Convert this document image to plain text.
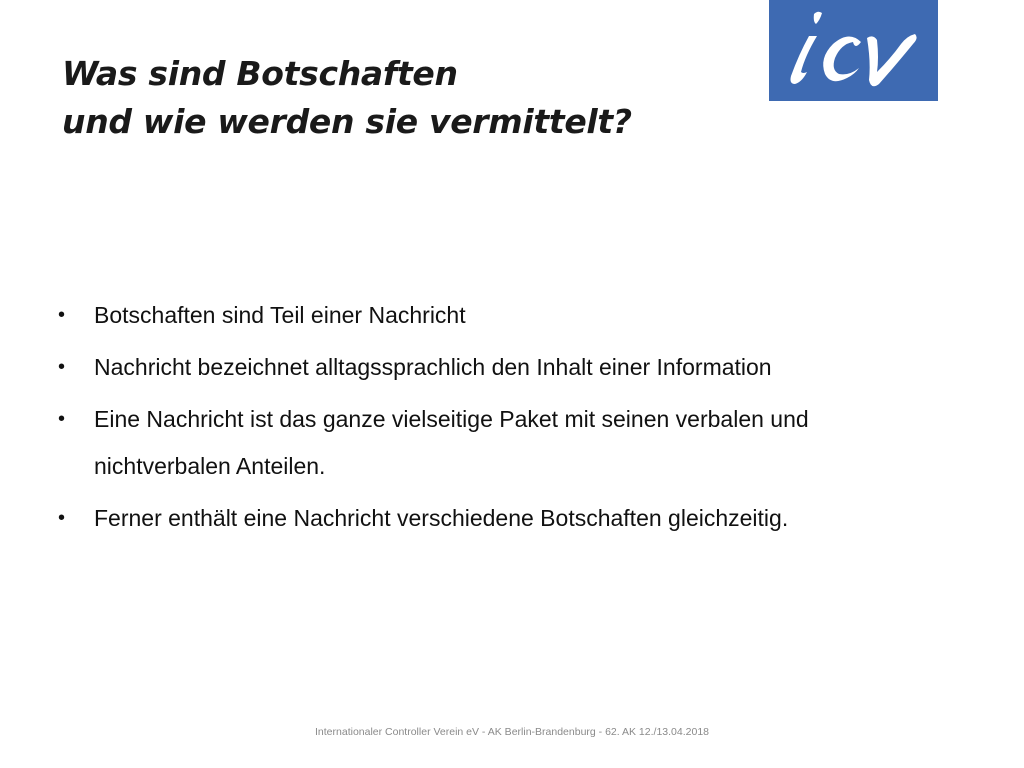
Was sind Botschaften
und wie werden sie vermittelt?
•	Botschaften sind Teil einer Nachricht
•	Nachricht bezeichnet alltagssprachlich den Inhalt einer Information
•	Eine Nachricht ist das ganze vielseitige Paket mit seinen verbalen und nichtverbalen Anteilen.
•	Ferner enthält eine Nachricht verschiedene Botschaften gleichzeitig.
Internationaler Controller Verein eV - AK Berlin-Brandenburg - 62. AK 12./13.04.2018
